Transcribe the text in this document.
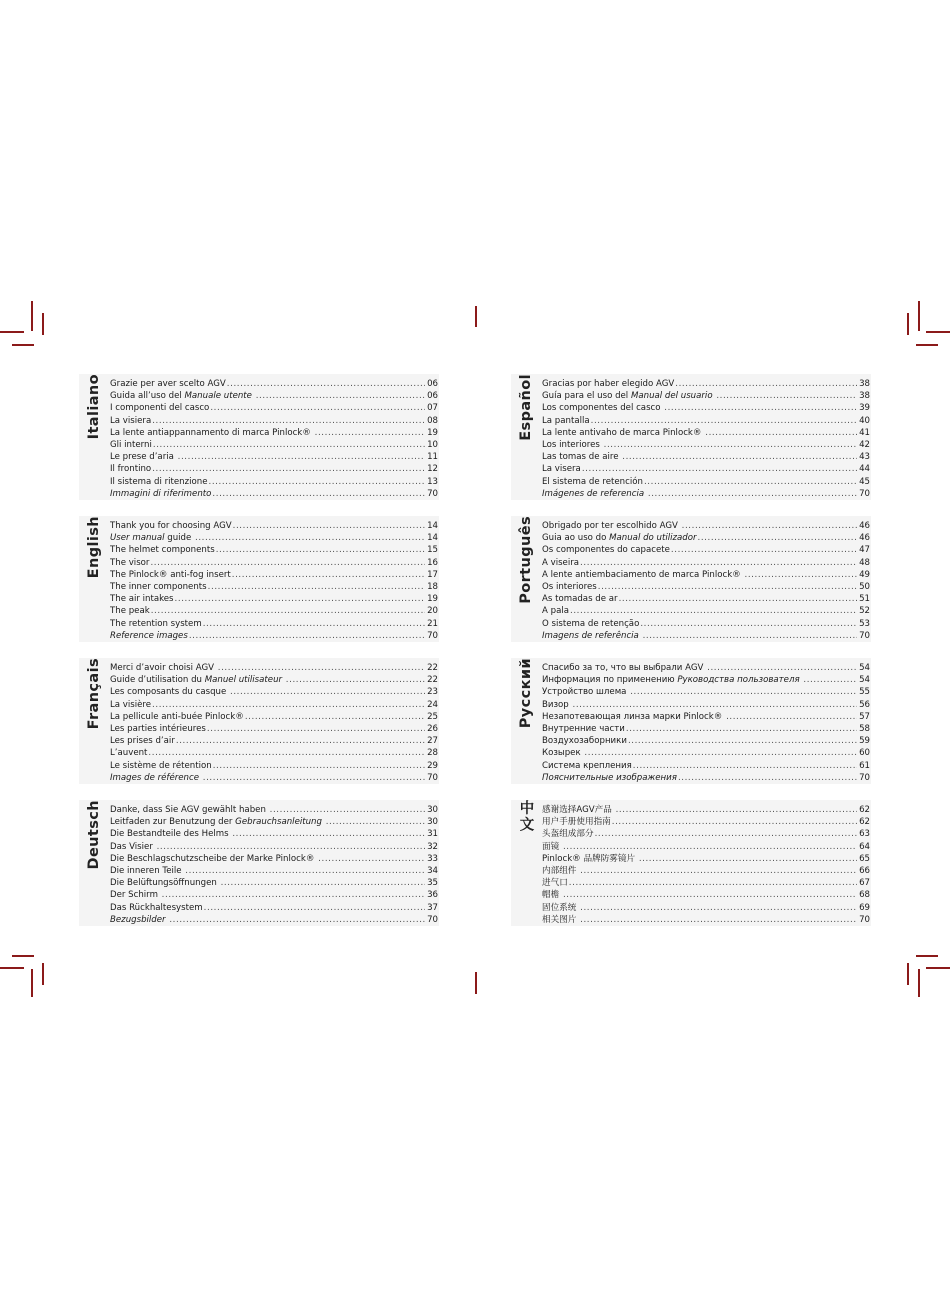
Italiano Grazie per aver scelto AGV .....	06
Guida all’uso del Manuale utente .....	06
I componenti del casco .....	07
La visiera .....	08
La lente antiappannamento di marca Pinlock® .....	19
Gli interni .....	10
Le prese d’aria .....	11
Il frontino .....	12
Il sistema di ritenzione .....	13
Immagini di riferimento .....	70
English Thank you for choosing AGV .....	14
User manual guide .....	14
The helmet components .....	15
The visor .....	16
The Pinlock® anti-fog insert .....	17
The inner components .....	18
The air intakes .....	19
The peak .....	20
The retention system .....	21
Reference images .....	70
Français Merci d’avoir choisi AGV .....	22
Guide d’utilisation du Manuel utilisateur .....	22
Les composants du casque .....	23
La visière .....	24
La pellicule anti-buée Pinlock® .....	25
Les parties intérieures .....	26
Les prises d’air .....	27
L’auvent .....	28
Le sistème de rétention .....	29
Images de référence .....	70
Deutsch Danke, dass Sie AGV gewählt haben .....	30
Leitfaden zur Benutzung der Gebrauchsanleitung .....	30
Die Bestandteile des Helms .....	31
Das Visier .....	32
Die Beschlagschutzscheibe der Marke Pinlock® .....	33
Die inneren Teile .....	34
Die Belüftungsöffnungen .....	35
Der Schirm .....	36
Das Rückhaltesystem .....	37
Bezugsbilder .....	70
Español Gracias por haber elegido AGV .....	38
Guía para el uso del Manual del usuario .....	38
Los componentes del casco .....	39
La pantalla .....	40
La lente antivaho de marca Pinlock® .....	41
Los interiores .....	42
Las tomas de aire .....	43
La visera .....	44
El sistema de retención .....	45
Imágenes de referencia .....	70
Português Obrigado por ter escolhido AGV .....	46
Guia ao uso do Manual do utilizador .....	46
Os componentes do capacete .....	47
A viseira .....	48
A lente antiembaciamento de marca Pinlock® .....	49
Os interiores .....	50
As tomadas de ar .....	51
A pala .....	52
O sistema de retenção .....	53
Imagens de referência .....	70
Русский Спасибо за то, что вы выбрали AGV .....	54
Информация по применению Руководства пользователя .....	54
Устройство шлема .....	55
Визор .....	56
Незапотевающая линза марки Pinlock® .....	57
Внутренние части .....	58
Воздухозаборники .....	59
Козырек .....	60
Система крепления .....	61
Пояснительные изображения .....	70
中文 感谢选择AGV产品 .....	62
用户手册使用指南 .....	62
头盔组成部分 .....	63
面镜 .....	64
Pinlock® 品牌防雾镜片 .....	65
内部组件 .....	66
进气口 .....	67
帽檐 .....	68
固位系统 .....	69
相关图片 .....	70
